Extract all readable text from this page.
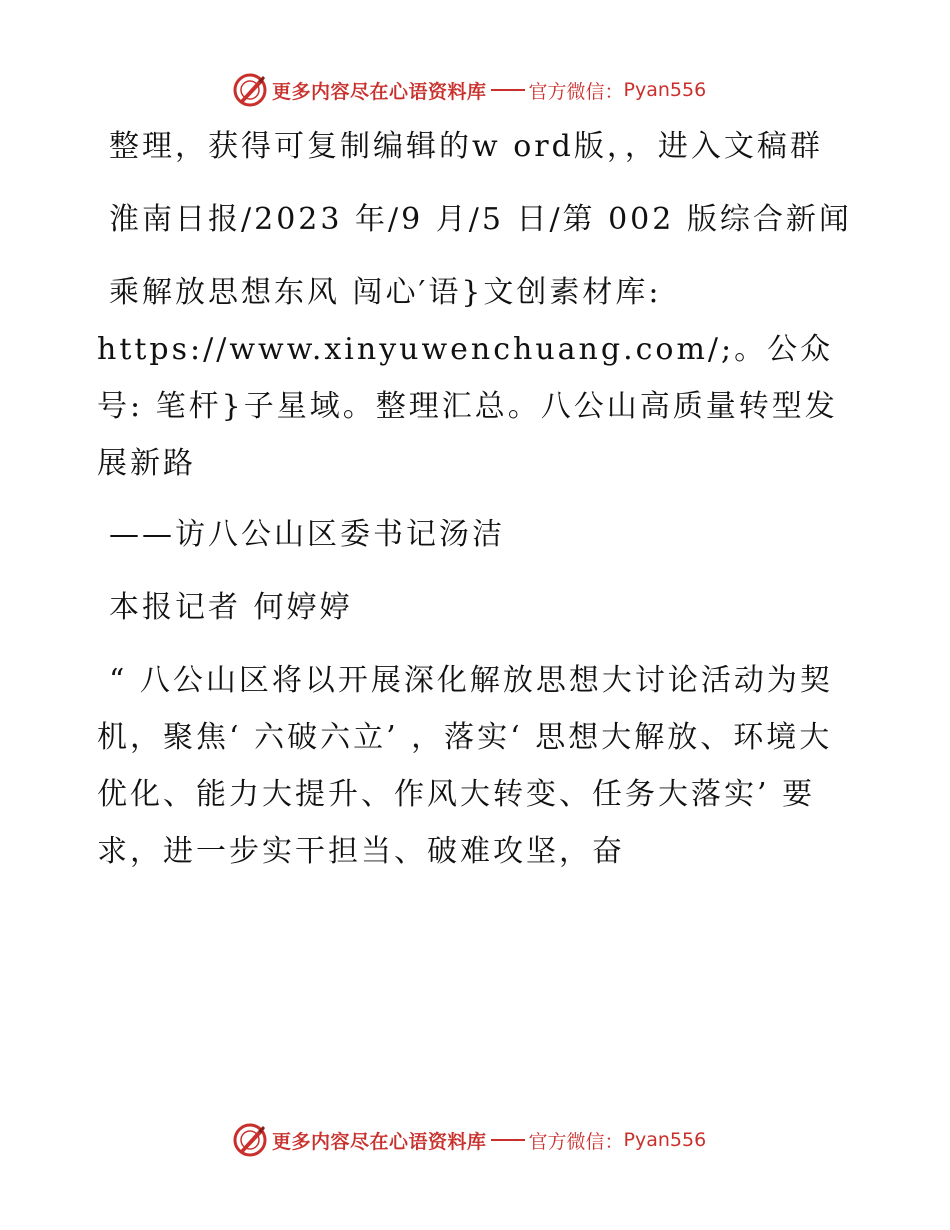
更多内容尽在心语资料库 官方微信： Pyan556

整理，获得可复制编辑的w ord版，，进入文稿群

淮南日报/2023 年/9 月/5 日/第 002 版综合新闻

乘解放思想东风 闯心′语}文创素材库:
https://www.xinyuwenchuang.com/;。公众号: 笔杆}子星域。整理汇总。八公山高质量转型发展新路

——访八公山区委书记汤洁

本报记者 何婷婷

“ 八公山区将以开展深化解放思想大讨论活动为契机，聚焦‘ 六破六立’ ，落实‘ 思想大解放、环境大优化、能力大提升、作风大转变、任务大落实’ 要求，进一步实干担当、破难攻坚，奋

更多内容尽在心语资料库 官方微信： Pyan556
